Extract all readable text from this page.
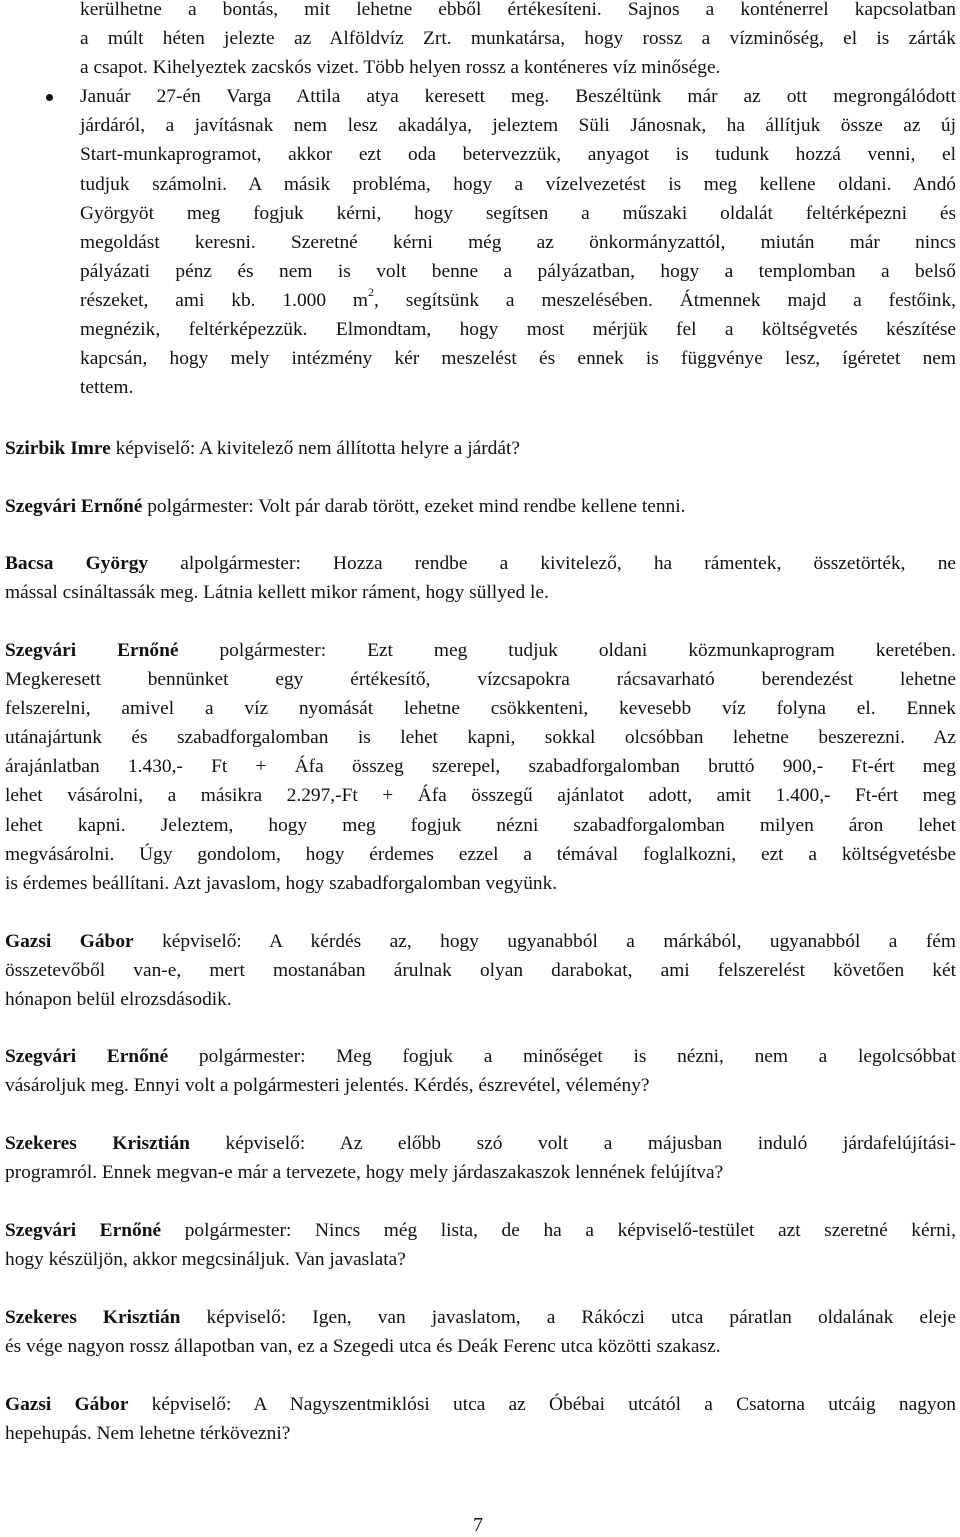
kerülhetne a bontás, mit lehetne ebből értékesíteni. Sajnos a konténerrel kapcsolatban
a múlt héten jelezte az Alföldvíz Zrt. munkatársa, hogy rossz a vízminőség, el is zárták
a csapot. Kihelyeztek zacskós vizet. Több helyen rossz a konténeres víz minősége.
Január 27-én Varga Attila atya keresett meg. Beszéltünk már az ott megrongálódott
járdáról, a javításnak nem lesz akadálya, jeleztem Süli Jánosnak, ha állítjuk össze az új
Start-munkaprogramot, akkor ezt oda betervezzük, anyagot is tudunk hozzá venni, el
tudjuk számolni. A másik probléma, hogy a vízelvezetést is meg kellene oldani. Andó
Györgyöt meg fogjuk kérni, hogy segítsen a műszaki oldalát feltérképezni és
megoldást keresni. Szeretné kérni még az önkormányzattól, miután már nincs
pályázati pénz és nem is volt benne a pályázatban, hogy a templomban a belső
részeket, ami kb. 1.000 $m^2$, segítsünk a meszelésében. Átmennek majd a festőink,
megnézik, feltérképezzük. Elmondtam, hogy most mérjük fel a költségvetés készítése
kapcsán, hogy mely intézmény kér meszelést és ennek is függvénye lesz, ígéretet nem
tettem.
Szirbik Imre képviselő: A kivitelező nem állította helyre a járdát?
Szegvári Ernőné polgármester: Volt pár darab törött, ezeket mind rendbe kellene tenni.
Bacsa György alpolgármester: Hozza rendbe a kivitelező, ha rámentek, összetörték, ne
mással csináltassák meg. Látnia kellett mikor ráment, hogy süllyed le.
Szegvári Ernőné polgármester: Ezt meg tudjuk oldani közmunkaprogram keretében.
Megkeresett bennünket egy értékesítő, vízcsapokra rácsavarható berendezést lehetne
felszerelni, amivel a víz nyomását lehetne csökkenteni, kevesebb víz folyna el. Ennek
utánajártunk és szabadforgalomban is lehet kapni, sokkal olcsóbban lehetne beszerezni. Az
árajánlatban 1.430,- Ft + Áfa összeg szerepel, szabadforgalomban bruttó 900,- Ft-ért meg
lehet vásárolni, a másikra 2.297,-Ft + Áfa összegű ajánlatot adott, amit 1.400,- Ft-ért meg
lehet kapni. Jeleztem, hogy meg fogjuk nézni szabadforgalomban milyen áron lehet
megvásárolni. Úgy gondolom, hogy érdemes ezzel a témával foglalkozni, ezt a költségvetésbe
is érdemes beállítani. Azt javaslom, hogy szabadforgalomban vegyünk.
Gazsi Gábor képviselő: A kérdés az, hogy ugyanabból a márkából, ugyanabból a fém
összetevőből van-e, mert mostanában árulnak olyan darabokat, ami felszerelést követően két
hónapon belül elrozsdásodik.
Szegvári Ernőné polgármester: Meg fogjuk a minőséget is nézni, nem a legolcsóbbat
vásároljuk meg. Ennyi volt a polgármesteri jelentés. Kérdés, észrevétel, vélemény?
Szekeres Krisztián képviselő: Az előbb szó volt a májusban induló járdafelújítási-
programról. Ennek megvan-e már a tervezete, hogy mely járdaszakaszok lennének felújítva?
Szegvári Ernőné polgármester: Nincs még lista, de ha a képviselő-testület azt szeretné kérni,
hogy készüljön, akkor megcsináljuk. Van javaslata?
Szekeres Krisztián képviselő: Igen, van javaslatom, a Rákóczi utca páratlan oldalának eleje
és vége nagyon rossz állapotban van, ez a Szegedi utca és Deák Ferenc utca közötti szakasz.
Gazsi Gábor képviselő: A Nagyszentmiklósi utca az Óbébai utcától a Csatorna utcáig nagyon
hepehupás. Nem lehetne térkövezni?
7
